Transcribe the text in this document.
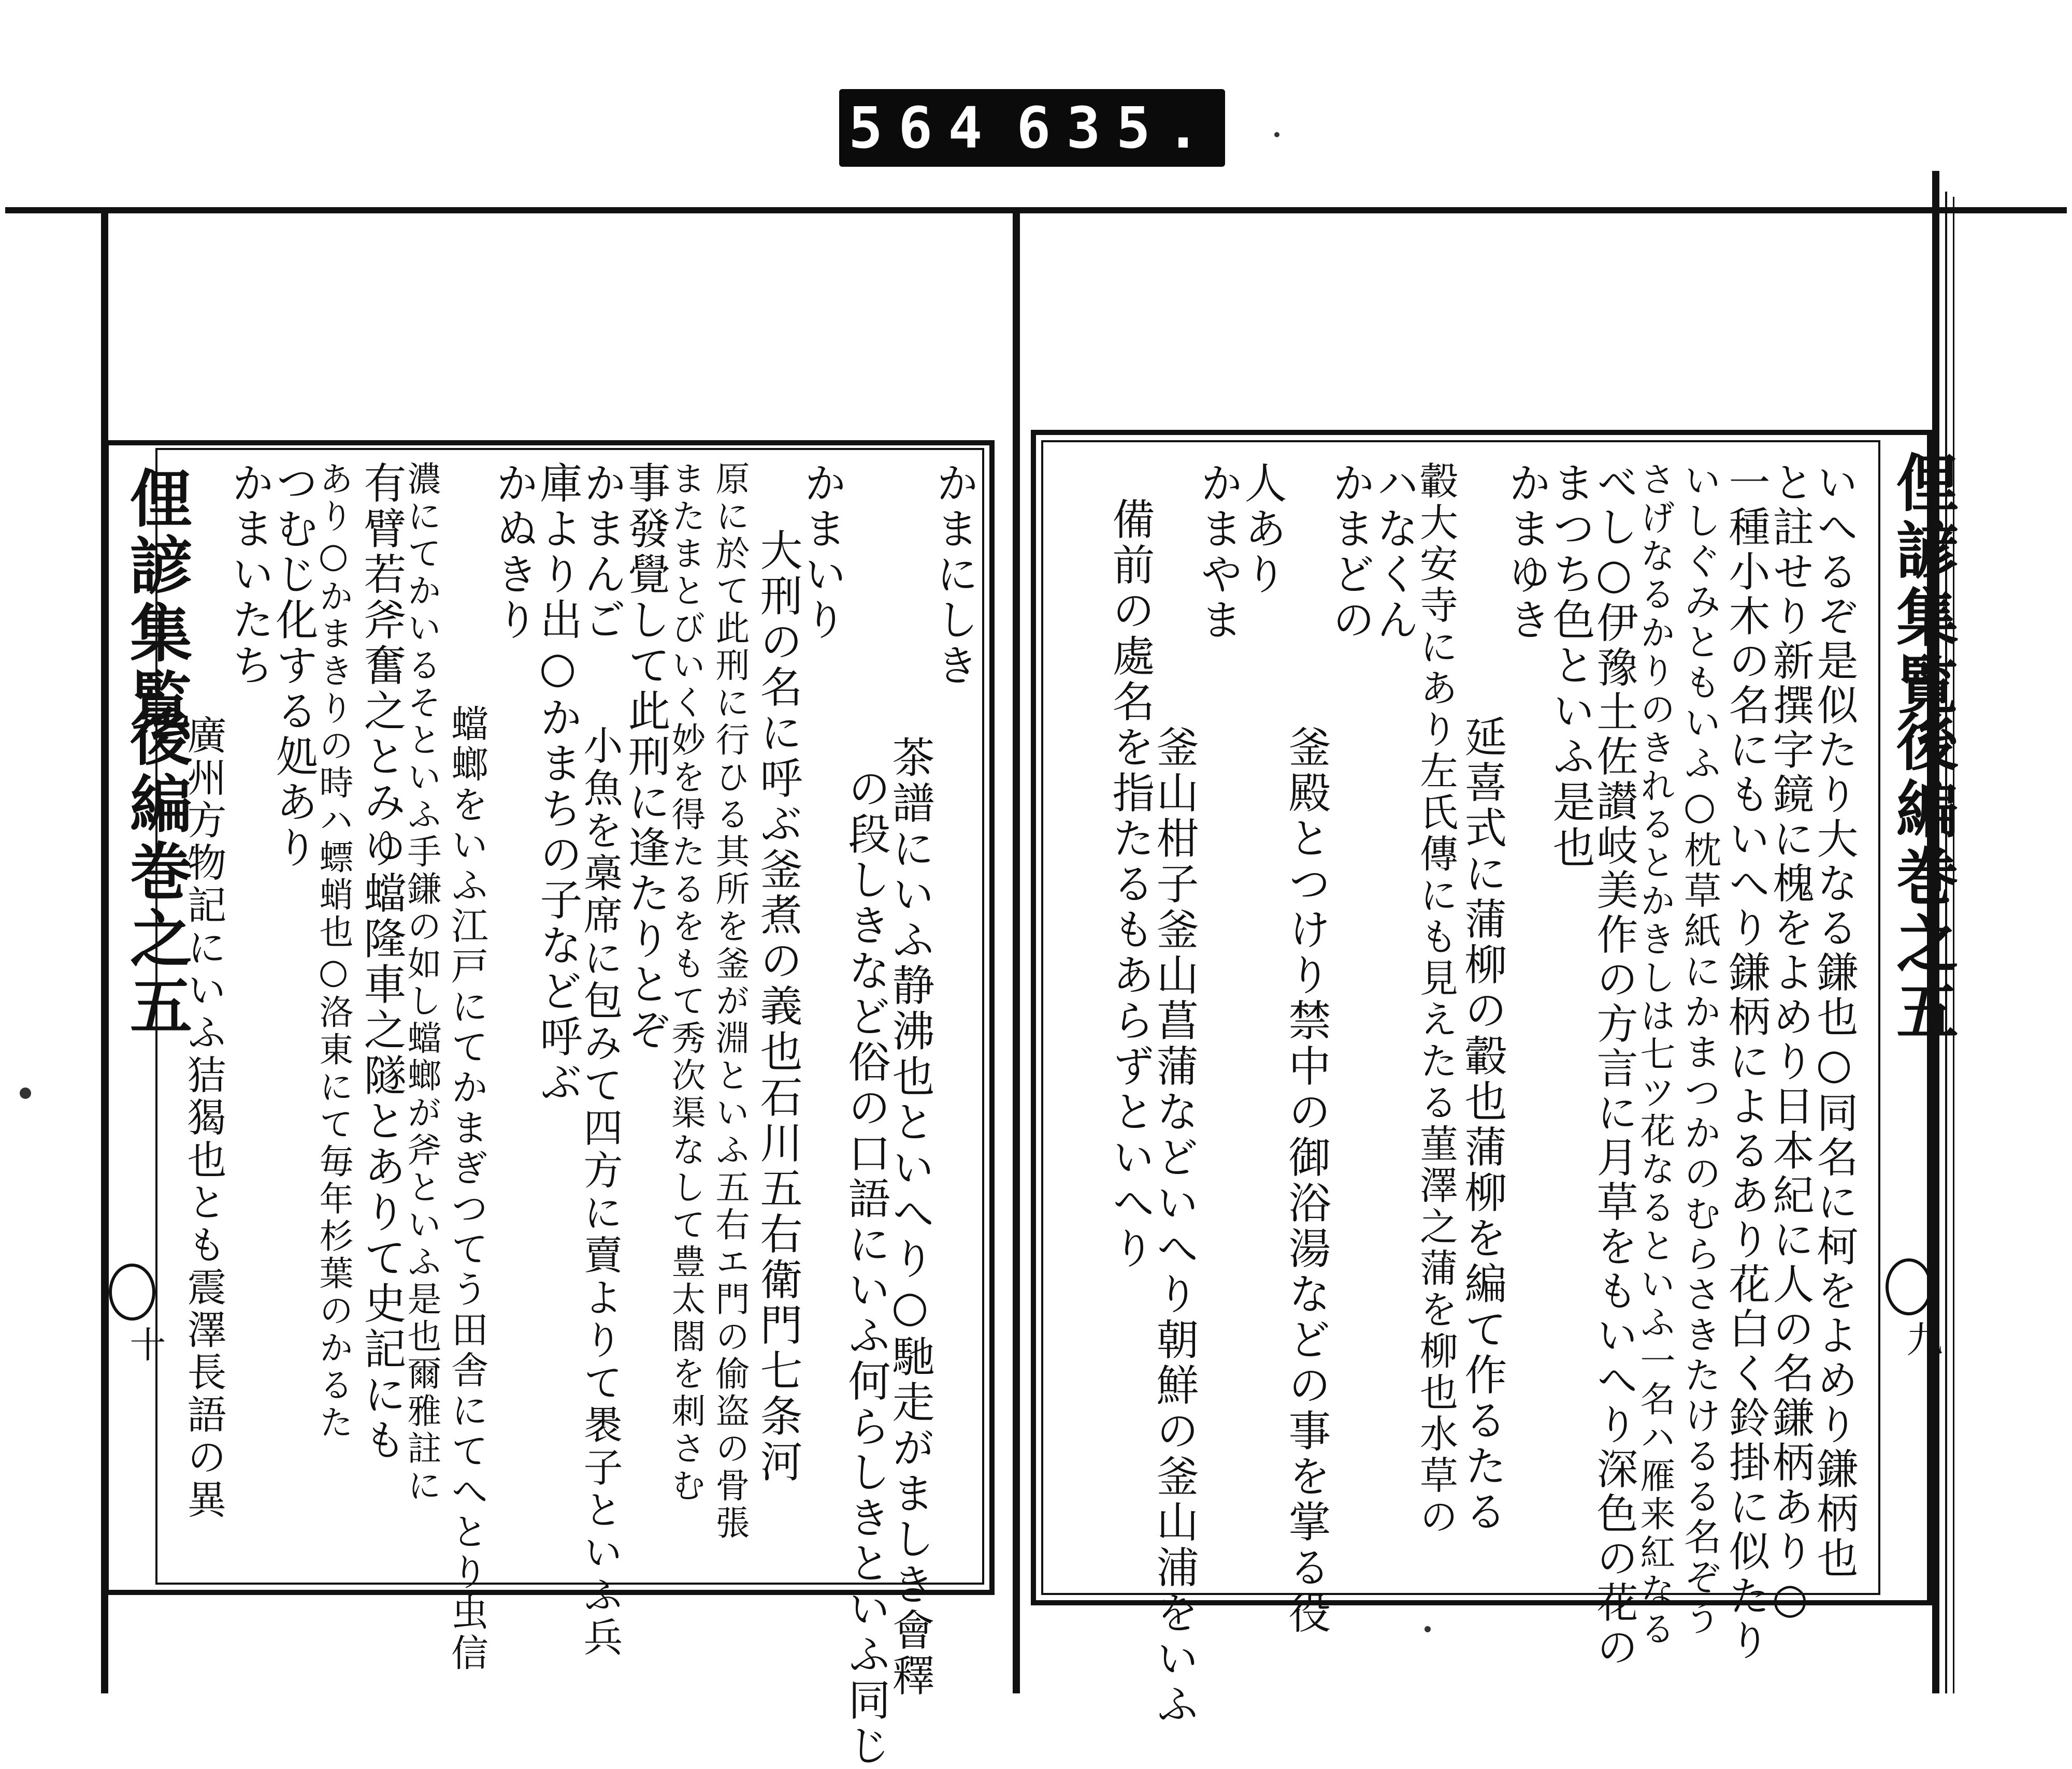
564 635.
俚諺集覧
後編巻之五
十
かまにしき
茶譜にいふ静沸也といへり○馳走がましき會釋
の段しきなど俗の口語にいふ何らしきといふ同じ
かまいり
大刑の名に呼ぶ釜煮の義也石川五右衛門七条河
原に於て此刑に行ひる其所を釜が淵といふ五右エ門の偷盗の骨張
またまとびいく妙を得たるをもて秀次渠なして豊太閤を刺さむ
事發覺して此刑に逢たりとぞ
かまんご
小魚を槀席に包みて四方に賣よりて褁子といふ兵
庫より出○かまちの子など呼ぶ
かぬきり
蟷螂をいふ江戸にてかまぎつてう田舎にてへとり虫信
濃にてかいるそといふ手鎌の如し蟷螂が斧といふ是也爾雅註に
有臂若斧奮之とみゆ蟷隆車之隧とありて史記にも
あり○かまきりの時ハ螵蛸也○洛東にて毎年杉葉のかるた
かまいたち
つむじ化する処あり
廣州方物記にいふ狤猲也とも震澤長語の異
俚諺集覧
後編巻之五
九
いへるぞ是似たり大なる鎌也○同名に柯をよめり鎌柄也
と註せり新撰字鏡に槐をよめり日本紀に人の名鎌柄あり○
一種小木の名にもいへり鎌柄によるあり花白く鈴掛に似たり
いしぐみともいふ○枕草紙にかまつかのむらさきたけるる名ぞう
さげなるかりのきれるとかきしは七ツ花なるといふ一名ハ雁来紅なる
べし○伊豫土佐讃岐美作の方言に月草をもいへり深色の花の
まつち色といふ是也
かまゆき
延喜式に蒲柳の轂也蒲柳を編て作るたる
轂大安寺にあり左氏傳にも見えたる菫澤之蒲を柳也水草の
ハなくん
かまどの
釜殿とつけり禁中の御浴湯などの事を掌る役
人あり
かまやま
釜山柑子釜山菖蒲などいへり朝鮮の釜山浦をいふ
備前の處名を指たるもあらずといへり
